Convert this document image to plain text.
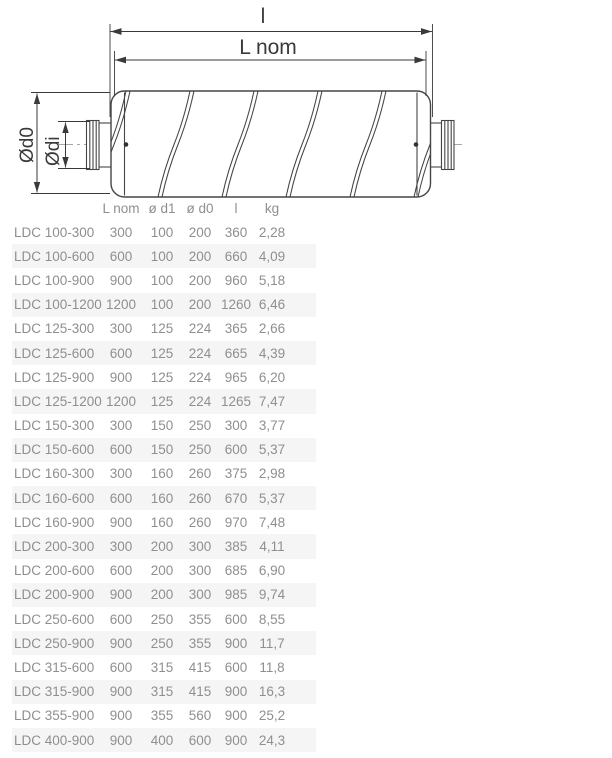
l
L nom
Ød0 Ødi
L nom ø d1 ø d0	l	kg
LDC 100-300	300	100	200 360 2,28
LDC 100-600	600	100	200 660 4,09
LDC 100-900	900	100	200 960 5,18
LDC 100-1200 1200	100	200 1260 6,46
LDC 125-300	300	125	224 365 2,66
LDC 125-600	600	125	224 665 4,39
LDC 125-900	900	125	224 965 6,20
LDC 125-1200 1200	125	224 1265 7,47
LDC 150-300	300	150	250 300 3,77
LDC 150-600	600	150	250 600 5,37
LDC 160-300	300	160	260 375 2,98
LDC 160-600	600	160	260 670 5,37
LDC 160-900	900	160	260 970 7,48
LDC 200-300	300	200	300 385 4,11
LDC 200-600	600	200	300 685 6,90
LDC 200-900	900	200	300 985 9,74
LDC 250-600	600	250	355 600 8,55
LDC 250-900	900	250	355 900 11,7
LDC 315-600	600	315	415 600 11,8
LDC 315-900	900	315	415 900 16,3
LDC 355-900	900	355	560 900 25,2
LDC 400-900	900	400	600 900 24,3
